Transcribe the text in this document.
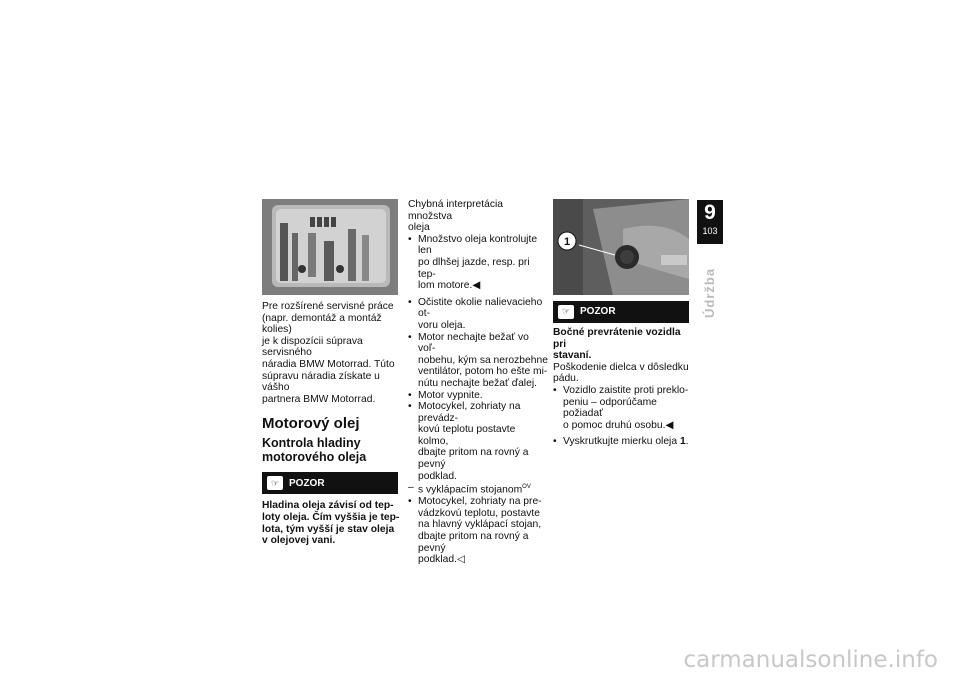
Pre rozšírené servisné práce

(napr. demontáž a montáž kolies)

je k dispozícii súprava servisného

náradia BMW Motorrad. Túto

súpravu náradia získate u vášho

partnera BMW Motorrad.

Motorový olej
Kontrola hladiny
motorového oleja
☞ POZOR

Hladina oleja závisí od tep-

loty oleja. Čím vyššia je tep-

lota, tým vyšší je stav oleja

v olejovej vani.

Chybná interpretácia množstva

oleja

• Množstvo oleja kontrolujte len
po dlhšej jazde, resp. pri tep-
lom motore.◀
• Očistite okolie nalievacieho ot-
voru oleja.
• Motor nechajte bežať vo voľ-
nobehu, kým sa nerozbehne
ventilátor, potom ho ešte mi-
nútu nechajte bežať ďalej.
• Motor vypnite.
• Motocykel, zohriaty na prevádz-
kovú teplotu postavte kolmo,
dbajte pritom na rovný a pevný
podklad.
– s vyklápacím stojanom$^{OV}$
• Motocykel, zohriaty na pre-
vádzkovú teplotu, postavte
na hlavný vyklápací stojan,
dbajte pritom na rovný a pevný
podklad.◁
1
☞ POZOR

Bočné prevrátenie vozidla pri

stavaní.

Poškodenie dielca v dôsledku

pádu.

• Vozidlo zaistite proti preklo-
peniu – odporúčame požiadať
o pomoc druhú osobu.◀
• Vyskrutkujte mierku oleja 1.
9
103
Údržba
carmanualsonline.info
